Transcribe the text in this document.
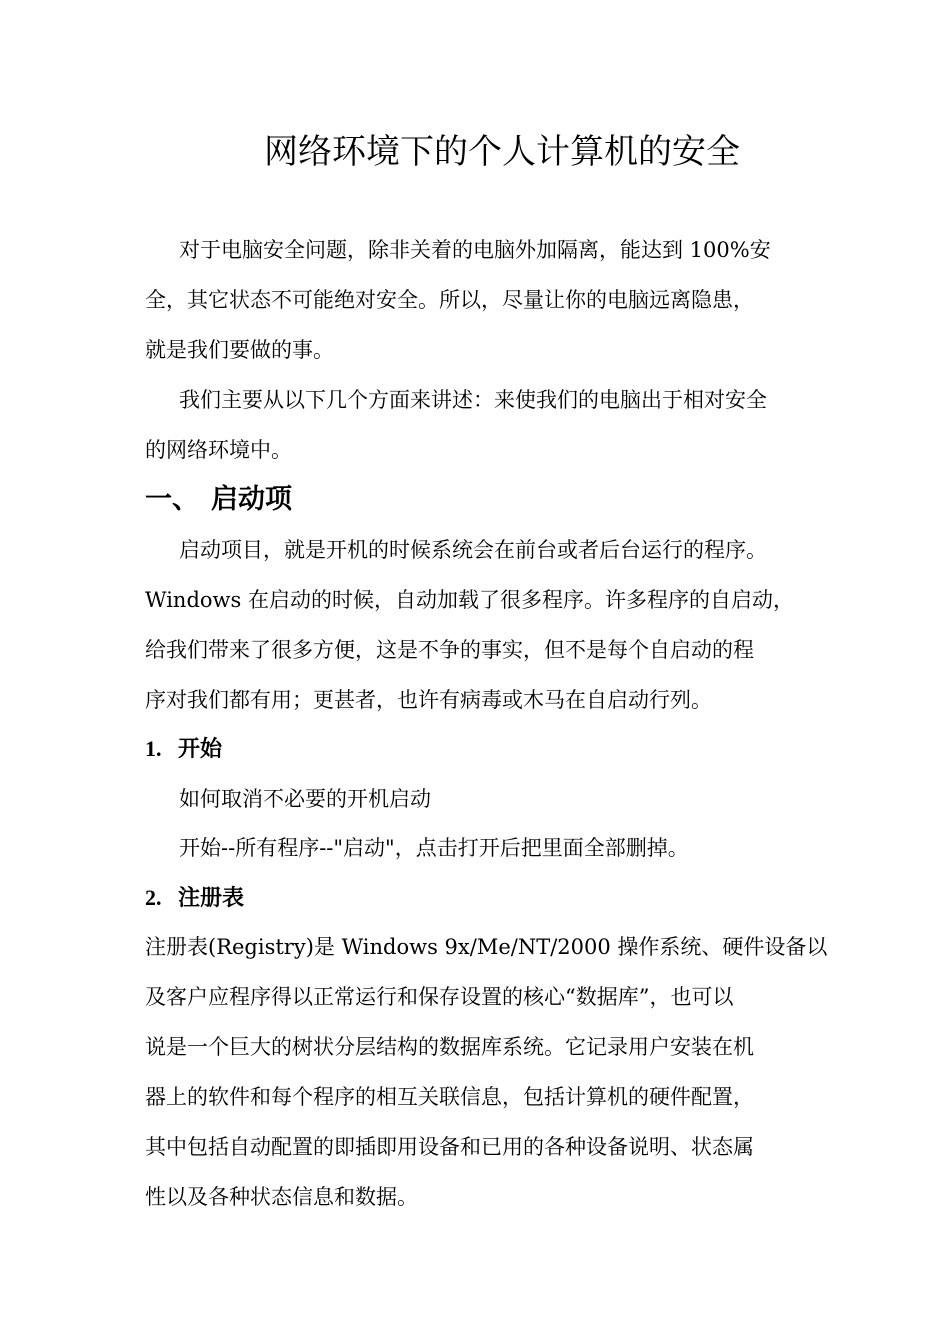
网络环境下的个人计算机的安全

对于电脑安全问题，除非关着的电脑外加隔离，能达到 100%安
全，其它状态不可能绝对安全。所以，尽量让你的电脑远离隐患，
就是我们要做的事。

我们主要从以下几个方面来讲述：来使我们的电脑出于相对安全
的网络环境中。

一、 启动项

启动项目，就是开机的时候系统会在前台或者后台运行的程序。
Windows 在启动的时候，自动加载了很多程序。许多程序的自启动，
给我们带来了很多方便，这是不争的事实，但不是每个自启动的程
序对我们都有用；更甚者，也许有病毒或木马在自启动行列。

1. 开始

如何取消不必要的开机启动

开始--所有程序--"启动"，点击打开后把里面全部删掉。

2. 注册表

注册表(Registry)是 Windows 9x/Me/NT/2000 操作系统、硬件设备以
及客户应程序得以正常运行和保存设置的核心“数据库”，也可以
说是一个巨大的树状分层结构的数据库系统。它记录用户安装在机
器上的软件和每个程序的相互关联信息，包括计算机的硬件配置，
其中包括自动配置的即插即用设备和已用的各种设备说明、状态属
性以及各种状态信息和数据。
